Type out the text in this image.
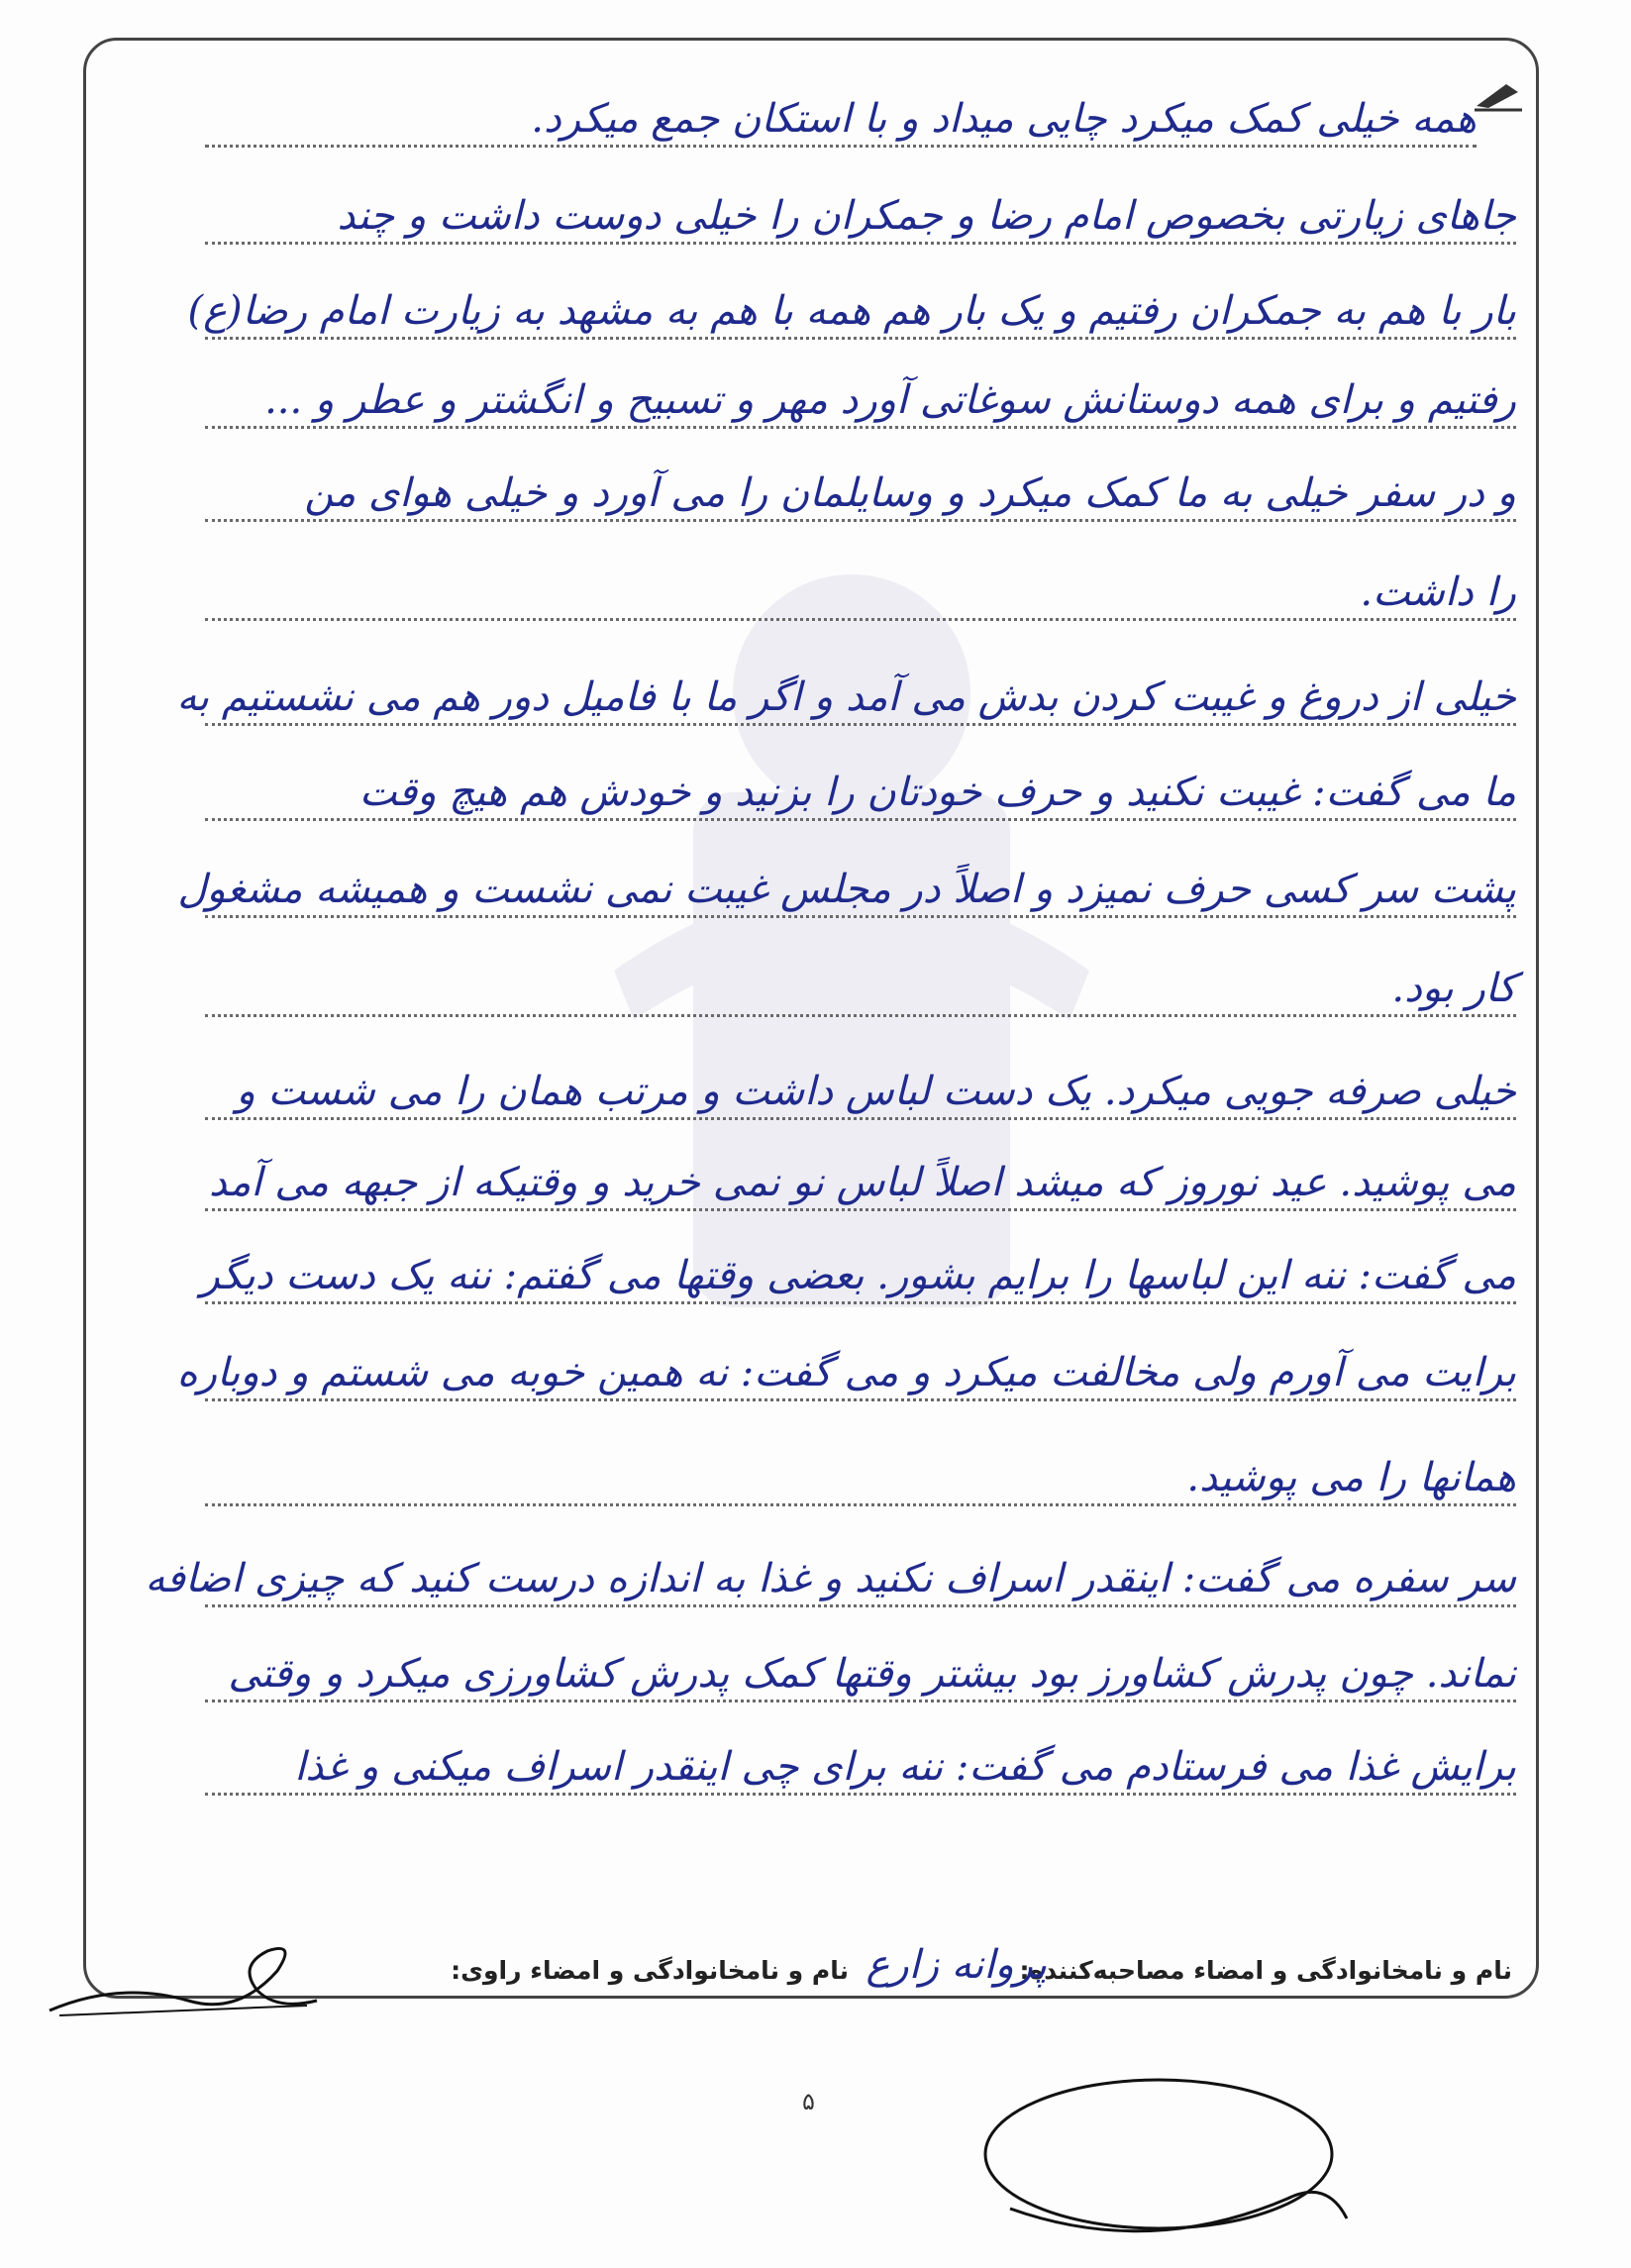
همه خیلی کمک میکرد چایی میداد و با استکان جمع میکرد.
جاهای زیارتی بخصوص امام رضا و جمکران را خیلی دوست داشت و چند
بار با هم به جمکران رفتیم و یک بار هم همه با هم به مشهد به زیارت امام رضا(ع)
رفتیم و برای همه دوستانش سوغاتی آورد مهر و تسبیح و انگشتر و عطر و ...
و در سفر خیلی به ما کمک میکرد و وسایلمان را می آورد و خیلی هوای من
را داشت.
خیلی از دروغ و غیبت کردن بدش می آمد و اگر ما با فامیل دور هم می نشستیم به
ما می گفت: غیبت نکنید و حرف خودتان را بزنید و خودش هم هیچ وقت
پشت سر کسی حرف نمیزد و اصلاً در مجلس غیبت نمی نشست و همیشه مشغول
کار بود.
خیلی صرفه جویی میکرد. یک دست لباس داشت و مرتب همان را می شست و
می پوشید. عید نوروز که میشد اصلاً لباس نو نمی خرید و وقتیکه از جبهه می آمد
می گفت: ننه این لباسها را برایم بشور. بعضی وقتها می گفتم: ننه یک دست دیگر
برایت می آورم ولی مخالفت میکرد و می گفت: نه همین خوبه می شستم و دوباره
همانها را می پوشید.
سر سفره می گفت: اینقدر اسراف نکنید و غذا به اندازه درست کنید که چیزی اضافه
نماند. چون پدرش کشاورز بود بیشتر وقتها کمک پدرش کشاورزی میکرد و وقتی
برایش غذا می فرستادم می گفت: ننه برای چی اینقدر اسراف میکنی و غذا
نام و نامخانوادگی و امضاء مصاحبه‌کننده:
پروانه زارع
نام و نامخانوادگی و امضاء راوی:
۵
